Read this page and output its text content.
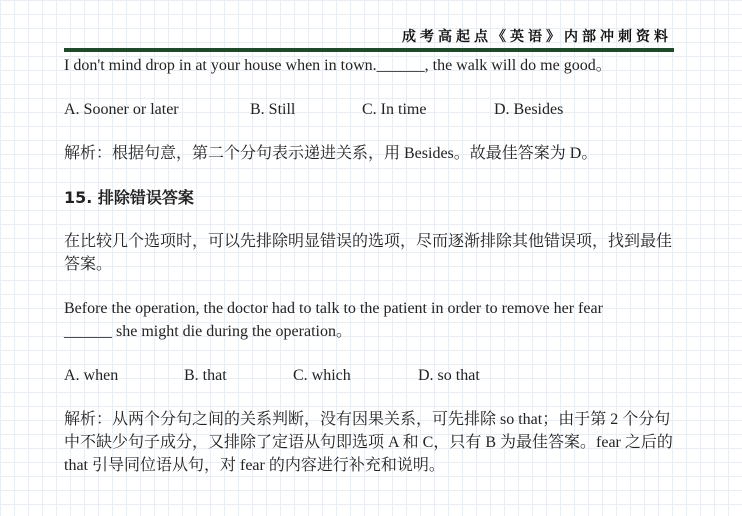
成考高起点《英语》内部冲刺资料

I don't mind drop in at your house when in town.______, the walk will do me good。

A. Sooner or later	B. Still	C. In time	D. Besides

解析：根据句意，第二个分句表示递进关系，用 Besides。故最佳答案为 D。

15. 排除错误答案

在比较几个选项时，可以先排除明显错误的选项，尽而逐渐排除其他错误项，找到最佳答案。

Before the operation, the doctor had to talk to the patient in order to remove her fear

______ she might die during the operation。

A. when	B. that	C. which	D. so that

解析：从两个分句之间的关系判断，没有因果关系，可先排除 so that；由于第 2 个分句中不缺少句子成分，又排除了定语从句即选项 A 和 C，只有 B 为最佳答案。fear 之后的 that 引导同位语从句，对 fear 的内容进行补充和说明。
